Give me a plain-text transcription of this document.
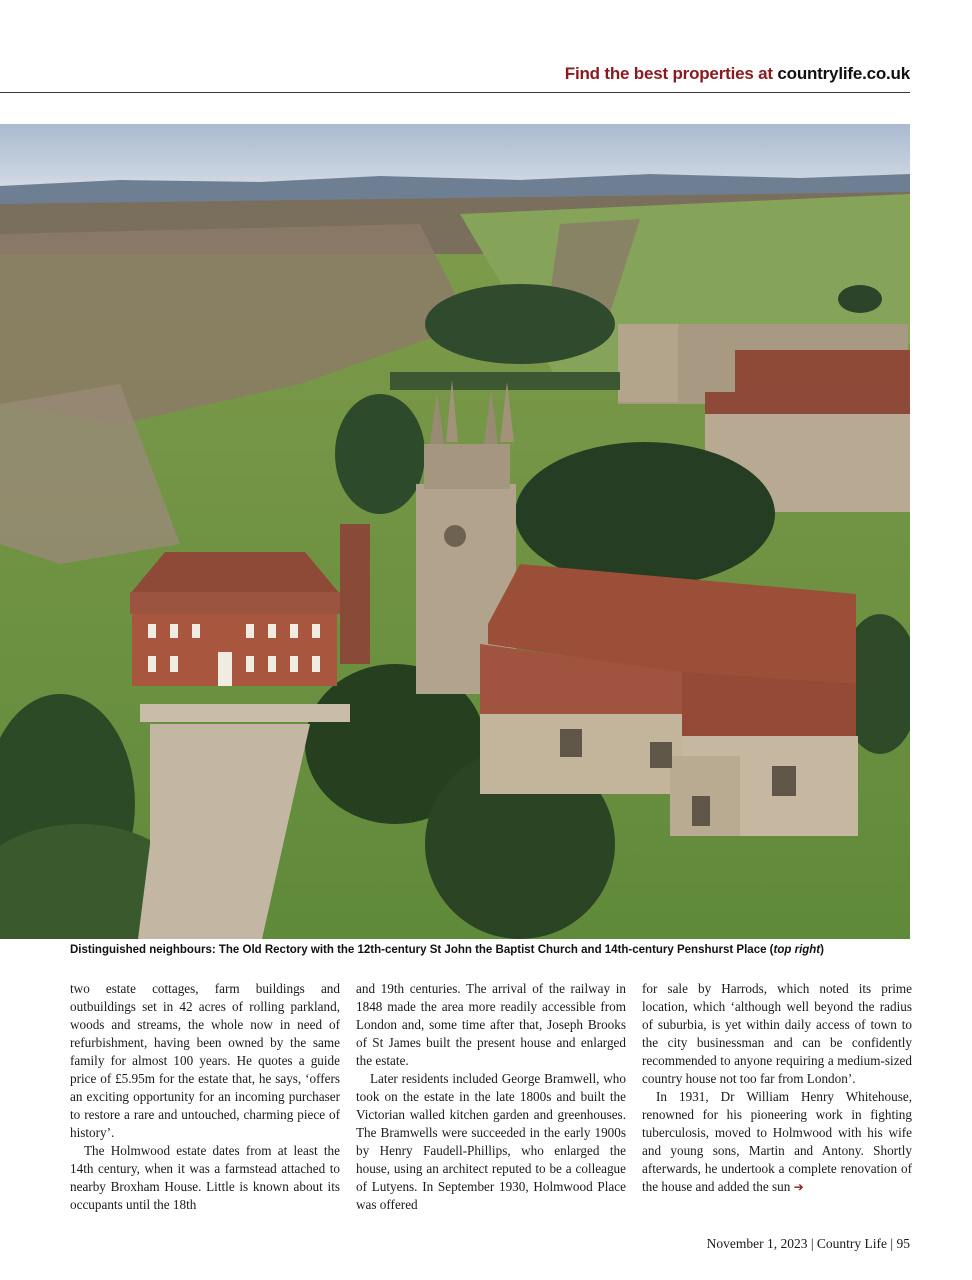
Find the best properties at countrylife.co.uk
Distinguished neighbours: The Old Rectory with the 12th-century St John the Baptist Church and 14th-century Penshurst Place (top right)

two estate cottages, farm buildings and outbuildings set in 42 acres of rolling parkland, woods and streams, the whole now in need of refurbishment, having been owned by the same family for almost 100 years. He quotes a guide price of £5.95m for the estate that, he says, ‘offers an exciting opportunity for an incoming purchaser to restore a rare and untouched, charming piece of history’.

The Holmwood estate dates from at least the 14th century, when it was a farmstead attached to nearby Broxham House. Little is known about its occupants until the 18th

and 19th centuries. The arrival of the railway in 1848 made the area more readily accessible from London and, some time after that, Joseph Brooks of St James built the present house and enlarged the estate.

Later residents included George Bramwell, who took on the estate in the late 1800s and built the Victorian walled kitchen garden and greenhouses. The Bramwells were succeeded in the early 1900s by Henry Faudell-Phillips, who enlarged the house, using an architect reputed to be a colleague of Lutyens. In September 1930, Holmwood Place was offered

for sale by Harrods, which noted its prime location, which ‘although well beyond the radius of suburbia, is yet within daily access of town to the city businessman and can be confidently recommended to anyone requiring a medium-sized country house not too far from London’.

In 1931, Dr William Henry Whitehouse, renowned for his pioneering work in fighting tuberculosis, moved to Holmwood with his wife and young sons, Martin and Antony. Shortly afterwards, he undertook a complete renovation of the house and added the sun ➔

November 1, 2023 | Country Life | 95
